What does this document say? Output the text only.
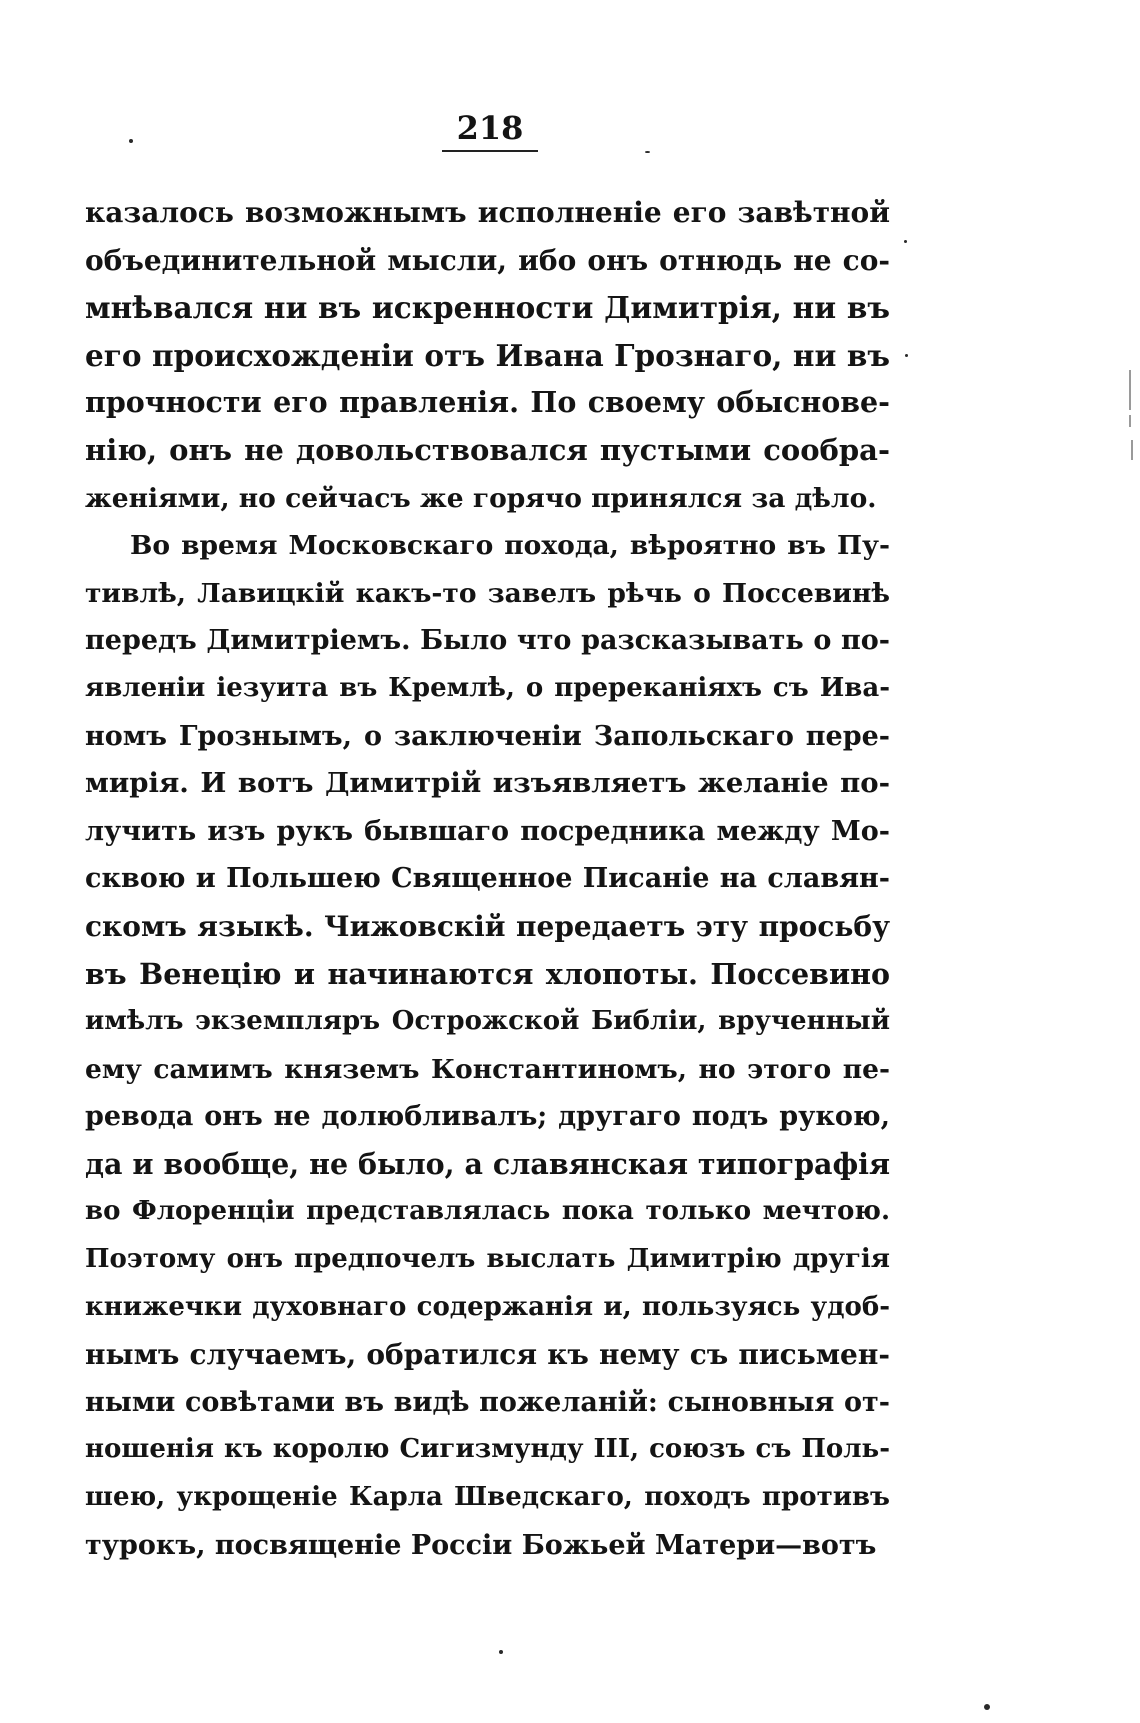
218
казалось возможнымъ исполненіе его завѣтной
объединительной мысли, ибо онъ отнюдь не со-
мнѣвался ни въ искренности Димитрія, ни въ
его происхожденіи отъ Ивана Грознаго, ни въ
прочности его правленія. По своему обыснове-
нію, онъ не довольствовался пустыми сообра-
женіями, но сейчасъ же горячо принялся за дѣло.
Во время Московскаго похода, вѣроятно въ Пу-
тивлѣ, Лавицкій какъ-то завелъ рѣчь о Поссевинѣ
передъ Димитріемъ. Было что разсказывать о по-
явленіи іезуита въ Кремлѣ, о пререканіяхъ съ Ива-
номъ Грознымъ, о заключеніи Запольскаго пере-
мирія. И вотъ Димитрій изъявляетъ желаніе по-
лучить изъ рукъ бывшаго посредника между Мо-
сквою и Польшею Священное Писаніе на славян-
скомъ языкѣ. Чижовскій передаетъ эту просьбу
въ Венецію и начинаются хлопоты. Поссевино
имѣлъ экземпляръ Острожской Библіи, врученный
ему самимъ княземъ Константиномъ, но этого пе-
ревода онъ не долюбливалъ; другаго подъ рукою,
да и вообще, не было, а славянская типографія
во Флоренціи представлялась пока только мечтою.
Поэтому онъ предпочелъ выслать Димитрію другія
книжечки духовнаго содержанія и, пользуясь удоб-
нымъ случаемъ, обратился къ нему съ письмен-
ными совѣтами въ видѣ пожеланій: сыновныя от-
ношенія къ королю Сигизмунду III, союзъ съ Поль-
шею, укрощеніе Карла Шведскаго, походъ противъ
турокъ, посвященіе Россіи Божьей Матери—вотъ
